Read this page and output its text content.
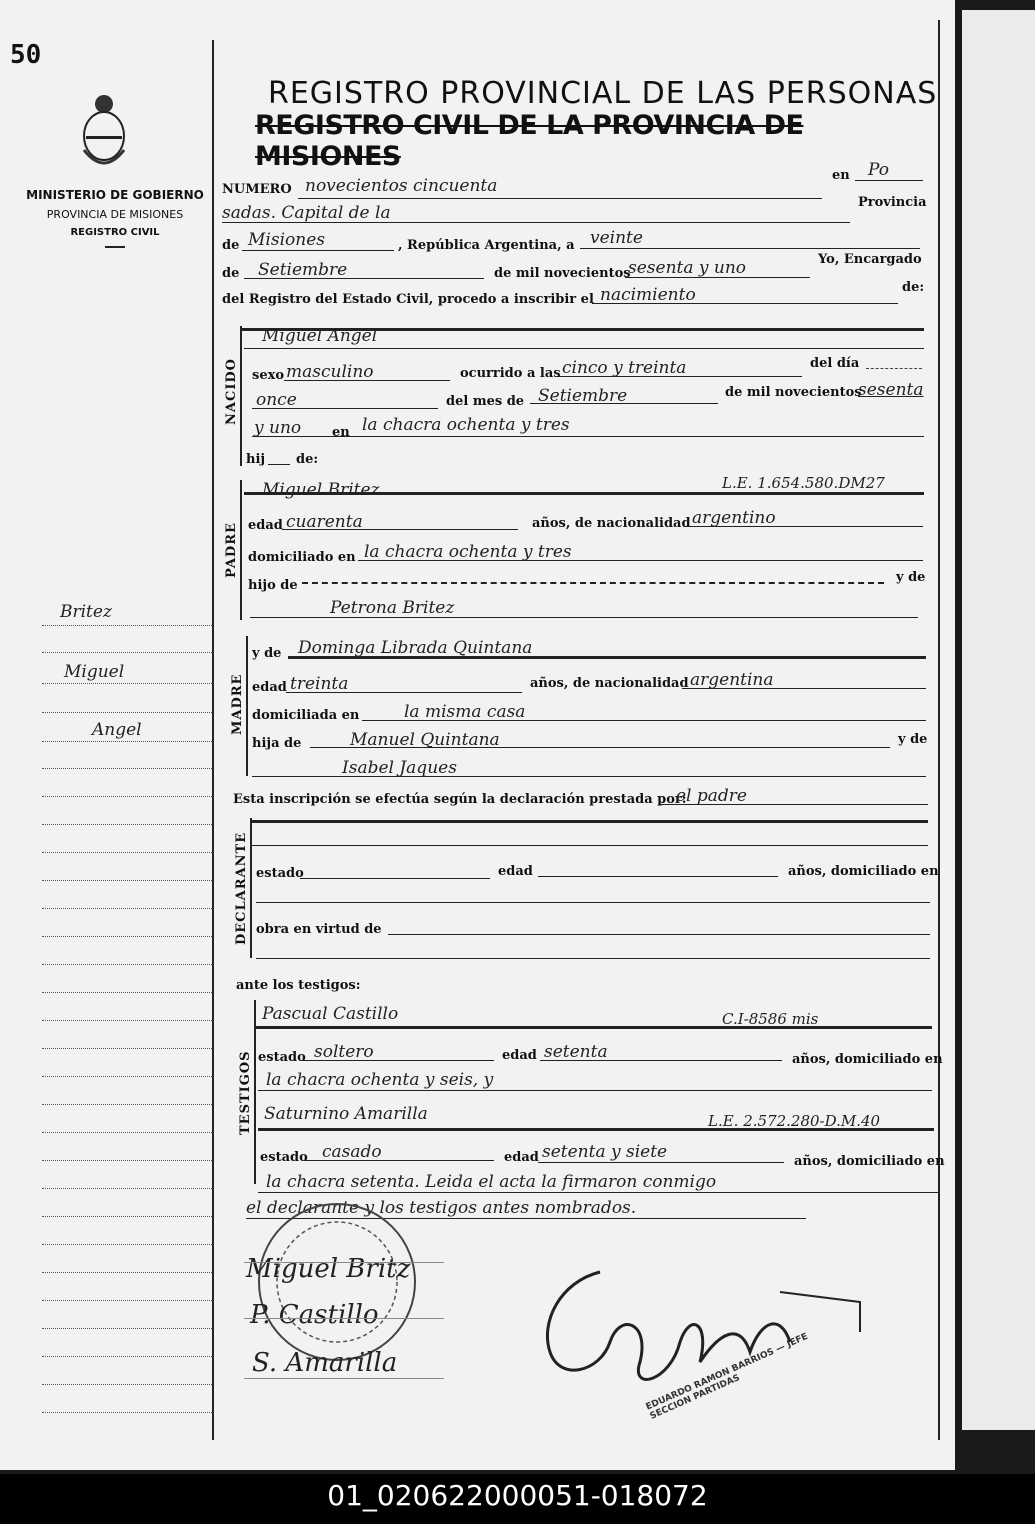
50
MINISTERIO DE GOBIERNO
PROVINCIA DE MISIONES
REGISTRO CIVIL
REGISTRO PROVINCIAL DE LAS PERSONAS
REGISTRO CIVIL DE LA PROVINCIA DE MISIONES
Britez
Miguel
Angel
NUMERO novecientos cincuenta
en Po
sadas. Capital de la
Provincia
de Misiones	, República Argentina, a veinte
de Setiembre	de mil novecientos
sesenta y uno	Yo, Encargado
del Registro del Estado Civil, procedo a inscribir el nacimiento	de:
NACIDO
Miguel Angel
sexo masculino	ocurrido a las cinco y treinta	del día
once	del mes de Setiembre	de mil novecientos
sesenta
y uno en la chacra ochenta y tres
hij de:
PADRE
Miguel Britez	L.E. 1.654.580.DM27
edad cuarenta	años, de nacionalidad argentino
domiciliado en la chacra ochenta y tres
hijo de
y de
Petrona Britez
MADRE
y de Dominga Librada Quintana
edad treinta	años, de nacionalidad argentina
domiciliada en	la misma casa
hija de	Manuel Quintana	y de
Isabel Jaques
Esta inscripción se efectúa según la declaración prestada por:
el padre
DECLARANTE estado	edad	años, domiciliado en
obra en virtud de
ante los testigos:
TESTIGOS
Pascual Castillo	C.I-8586 mis
estado soltero	edad setenta	años, domiciliado en
la chacra ochenta y seis, y
Saturnino Amarilla	L.E. 2.572.280-D.M.40
estado casado	edad setenta y siete	años, domiciliado en
la chacra setenta. Leida el acta la firmaron conmigo
el declarante y los testigos antes nombrados.
Miguel Britz
P. Castillo
S. Amarilla	EDUARDO RAMON BARRIOS — JEFE SECCION PARTIDAS
01_020622000051-018072
